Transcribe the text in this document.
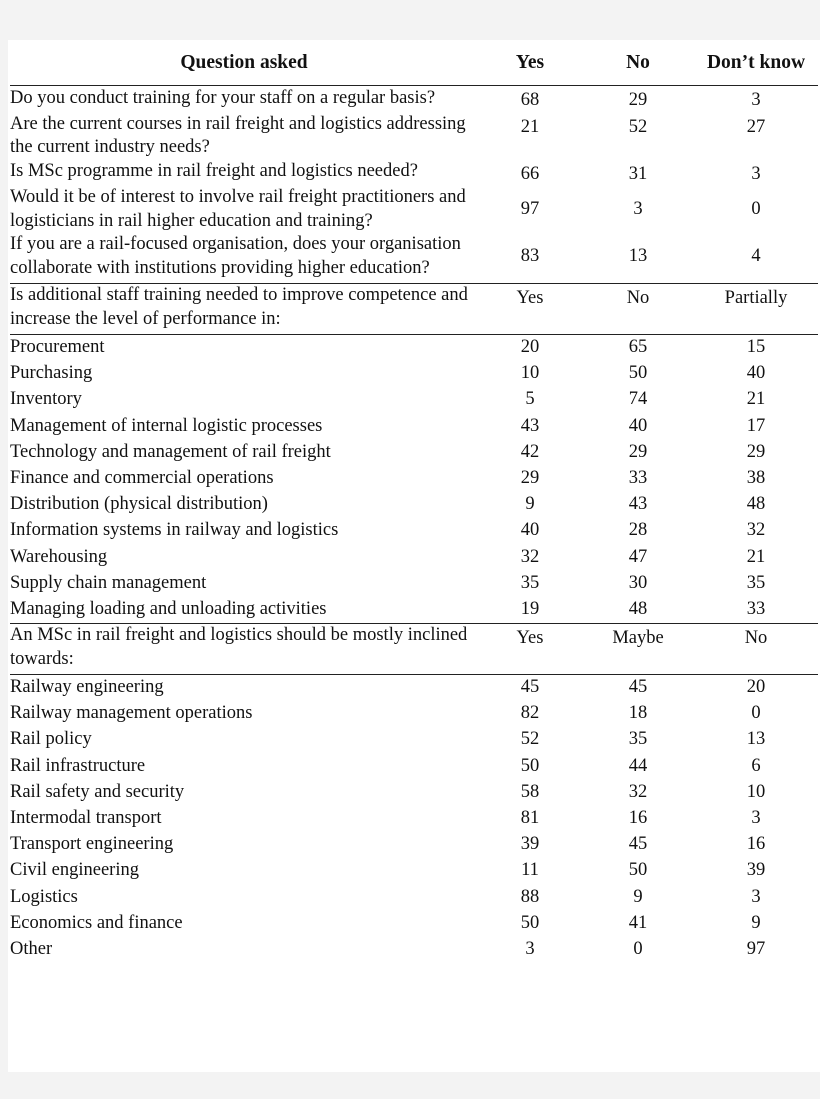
Question asked	Yes	No	Don’t know
Do you conduct training for your staff on a regular basis?	68	29	3
Are the current courses in rail freight and logistics addressing the current industry needs?	21	52	27
Is MSc programme in rail freight and logistics needed?	66	31	3
Would it be of interest to involve rail freight practitioners and logisticians in rail higher education and training?	97	3	0
If you are a rail-focused organisation, does your organisation collaborate with institutions providing higher education?	83	13	4
Is additional staff training needed to improve competence and increase the level of performance in:	Yes	No	Partially
Procurement	20	65	15
Purchasing	10	50	40
Inventory	5	74	21
Management of internal logistic processes	43	40	17
Technology and management of rail freight	42	29	29
Finance and commercial operations	29	33	38
Distribution (physical distribution)	9	43	48
Information systems in railway and logistics	40	28	32
Warehousing	32	47	21
Supply chain management	35	30	35
Managing loading and unloading activities	19	48	33
An MSc in rail freight and logistics should be mostly inclined towards:	Yes	Maybe	No
Railway engineering	45	45	20
Railway management operations	82	18	0
Rail policy	52	35	13
Rail infrastructure	50	44	6
Rail safety and security	58	32	10
Intermodal transport	81	16	3
Transport engineering	39	45	16
Civil engineering	11	50	39
Logistics	88	9	3
Economics and finance	50	41	9
Other	3	0	97
